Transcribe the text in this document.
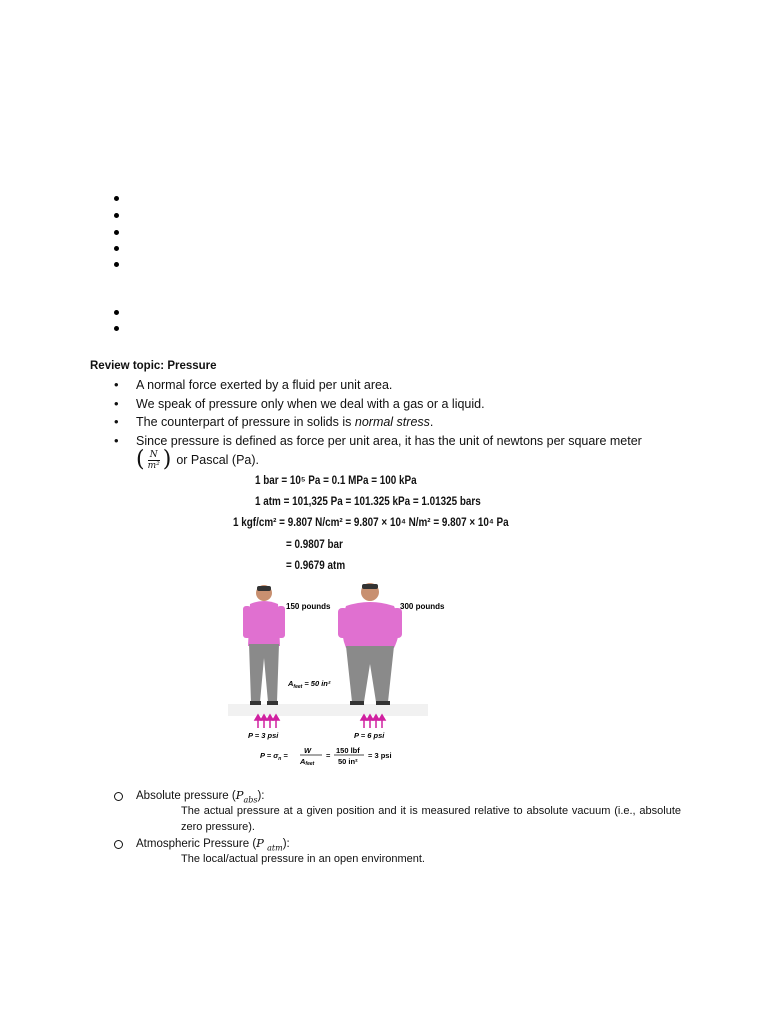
Review topic: Pressure
• A normal force exerted by a fluid per unit area.
• We speak of pressure only when we deal with a gas or a liquid.
• The counterpart of pressure in solids is normal stress.
• Since pressure is defined as force per unit area, it has the unit of newtons per square meter
( $\frac{N}{\text{m²}}$ ) or Pascal (Pa).
1 bar = 10⁵ Pa = 0.1 MPa = 100 kPa
1 atm = 101,325 Pa = 101.325 kPa = 1.01325 bars
1 kgf/cm² = 9.807 N/cm² = 9.807 × 10⁴ N/m² = 9.807 × 10⁴ Pa
= 0.9807 bar
= 0.9679 atm
150 pounds	300 pounds
$A_{feet} = 50$ in²
P = 3 psi	P = 6 psi
$P = \sigma_n$ =
W
Afeet
=
150 lbf
50 in²
= 3 psi
Absolute pressure $(P_{abs})$:
The actual pressure at a given position and it is measured relative to absolute vacuum (i.e., absolute zero pressure).
Atmospheric Pressure (P $_{atm}$):
The local/actual pressure in an open environment.
